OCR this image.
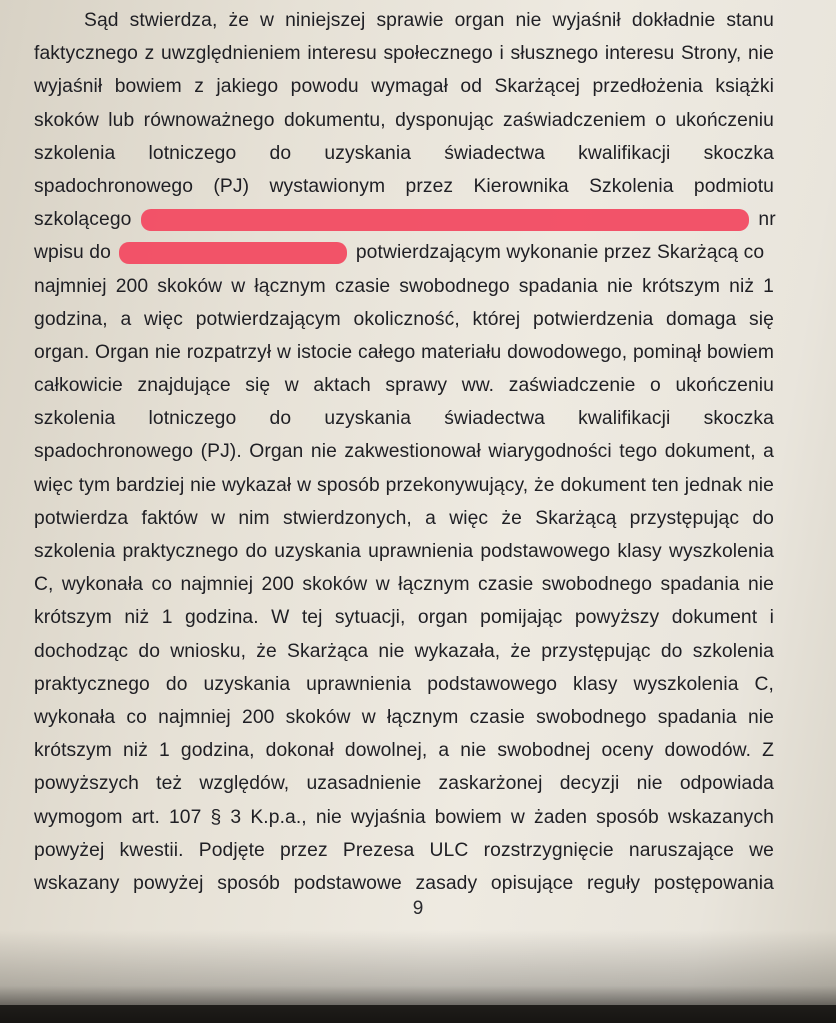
Sąd stwierdza, że w niniejszej sprawie organ nie wyjaśnił dokładnie stanu
faktycznego z uwzględnieniem interesu społecznego i słusznego interesu Strony, nie
wyjaśnił bowiem z jakiego powodu wymagał od Skarżącej przedłożenia książki
skoków lub równoważnego dokumentu, dysponując zaświadczeniem o ukończeniu
szkolenia lotniczego do uzyskania świadectwa kwalifikacji skoczka
spadochronowego (PJ) wystawionym przez Kierownika Szkolenia podmiotu
szkolącego	nr
wpisu do	potwierdzającym wykonanie przez Skarżącą co
najmniej 200 skoków w łącznym czasie swobodnego spadania nie krótszym niż 1
godzina, a więc potwierdzającym okoliczność, której potwierdzenia domaga się
organ. Organ nie rozpatrzył w istocie całego materiału dowodowego, pominął bowiem
całkowicie znajdujące się w aktach sprawy ww. zaświadczenie o ukończeniu
szkolenia lotniczego do uzyskania świadectwa kwalifikacji skoczka
spadochronowego (PJ). Organ nie zakwestionował wiarygodności tego dokument, a
więc tym bardziej nie wykazał w sposób przekonywujący, że dokument ten jednak nie
potwierdza faktów w nim stwierdzonych, a więc że Skarżącą przystępując do
szkolenia praktycznego do uzyskania uprawnienia podstawowego klasy wyszkolenia
C, wykonała co najmniej 200 skoków w łącznym czasie swobodnego spadania nie
krótszym niż 1 godzina. W tej sytuacji, organ pomijając powyższy dokument i
dochodząc do wniosku, że Skarżąca nie wykazała, że przystępując do szkolenia
praktycznego do uzyskania uprawnienia podstawowego klasy wyszkolenia C,
wykonała co najmniej 200 skoków w łącznym czasie swobodnego spadania nie
krótszym niż 1 godzina, dokonał dowolnej, a nie swobodnej oceny dowodów. Z
powyższych też względów, uzasadnienie zaskarżonej decyzji nie odpowiada
wymogom art. 107 § 3 K.p.a., nie wyjaśnia bowiem w żaden sposób wskazanych
powyżej kwestii. Podjęte przez Prezesa ULC rozstrzygnięcie naruszające we
wskazany powyżej sposób podstawowe zasady opisujące reguły postępowania
9
